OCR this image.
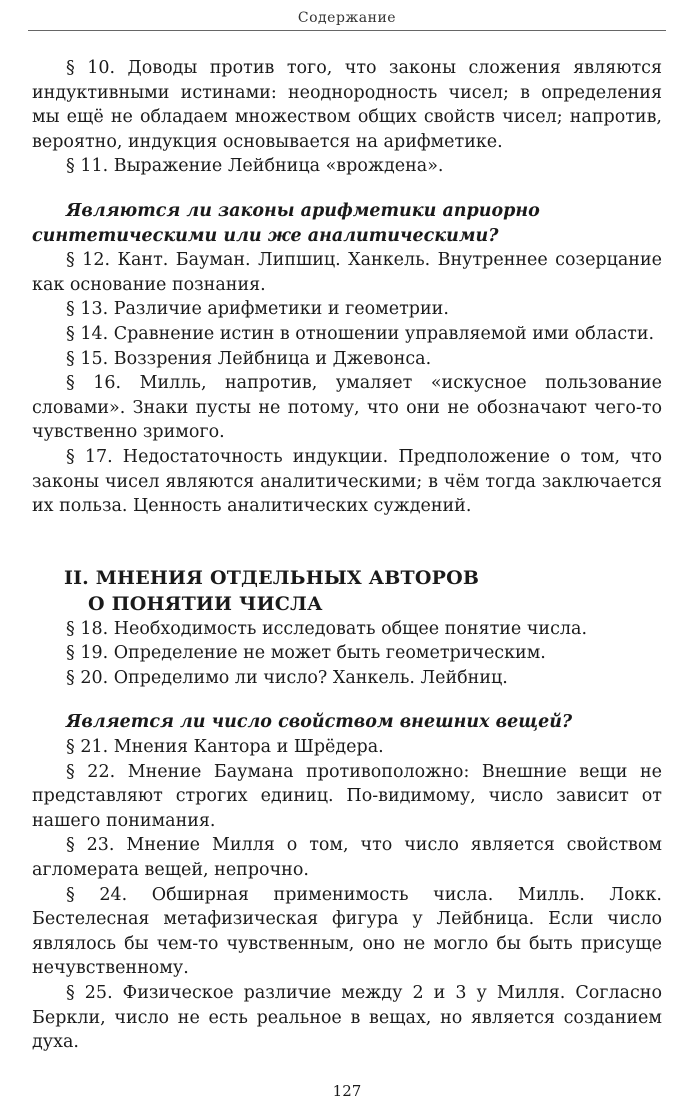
Содержание

§ 10. Доводы против того, что законы сложения являются индуктивными истинами: неоднородность чисел; в определения мы ещё не обладаем множеством общих свойств чисел; напротив, вероятно, индукция основывается на арифметике.

§ 11. Выражение Лейбница «врождена».

Являются ли законы арифметики априорно
синтетическими или же аналитическими?

§ 12. Кант. Бауман. Липшиц. Ханкель. Внутреннее созерцание как основание познания.

§ 13. Различие арифметики и геометрии.

§ 14. Сравнение истин в отношении управляемой ими области.

§ 15. Воззрения Лейбница и Джевонса.

§ 16. Милль, напротив, умаляет «искусное пользование словами». Знаки пусты не потому, что они не обозначают чего-то чувственно зримого.

§ 17. Недостаточность индукции. Предположение о том, что законы чисел являются аналитическими; в чём тогда заключается их польза. Ценность аналитических суждений.

II. МНЕНИЯ ОТДЕЛЬНЫХ АВТОРОВ
О ПОНЯТИИ ЧИСЛА

§ 18. Необходимость исследовать общее понятие числа.

§ 19. Определение не может быть геометрическим.

§ 20. Определимо ли число? Ханкель. Лейбниц.

Является ли число свойством внешних вещей?

§ 21. Мнения Кантора и Шрёдера.

§ 22. Мнение Баумана противоположно: Внешние вещи не представляют строгих единиц. По-видимому, число зависит от нашего понимания.

§ 23. Мнение Милля о том, что число является свойством агломерата вещей, непрочно.

§ 24. Обширная применимость числа. Милль. Локк. Бестелесная метафизическая фигура у Лейбница. Если число являлось бы чем-то чувственным, оно не могло бы быть присуще нечувственному.

§ 25. Физическое различие между 2 и 3 у Милля. Согласно Беркли, число не есть реальное в вещах, но является созданием духа.

127
